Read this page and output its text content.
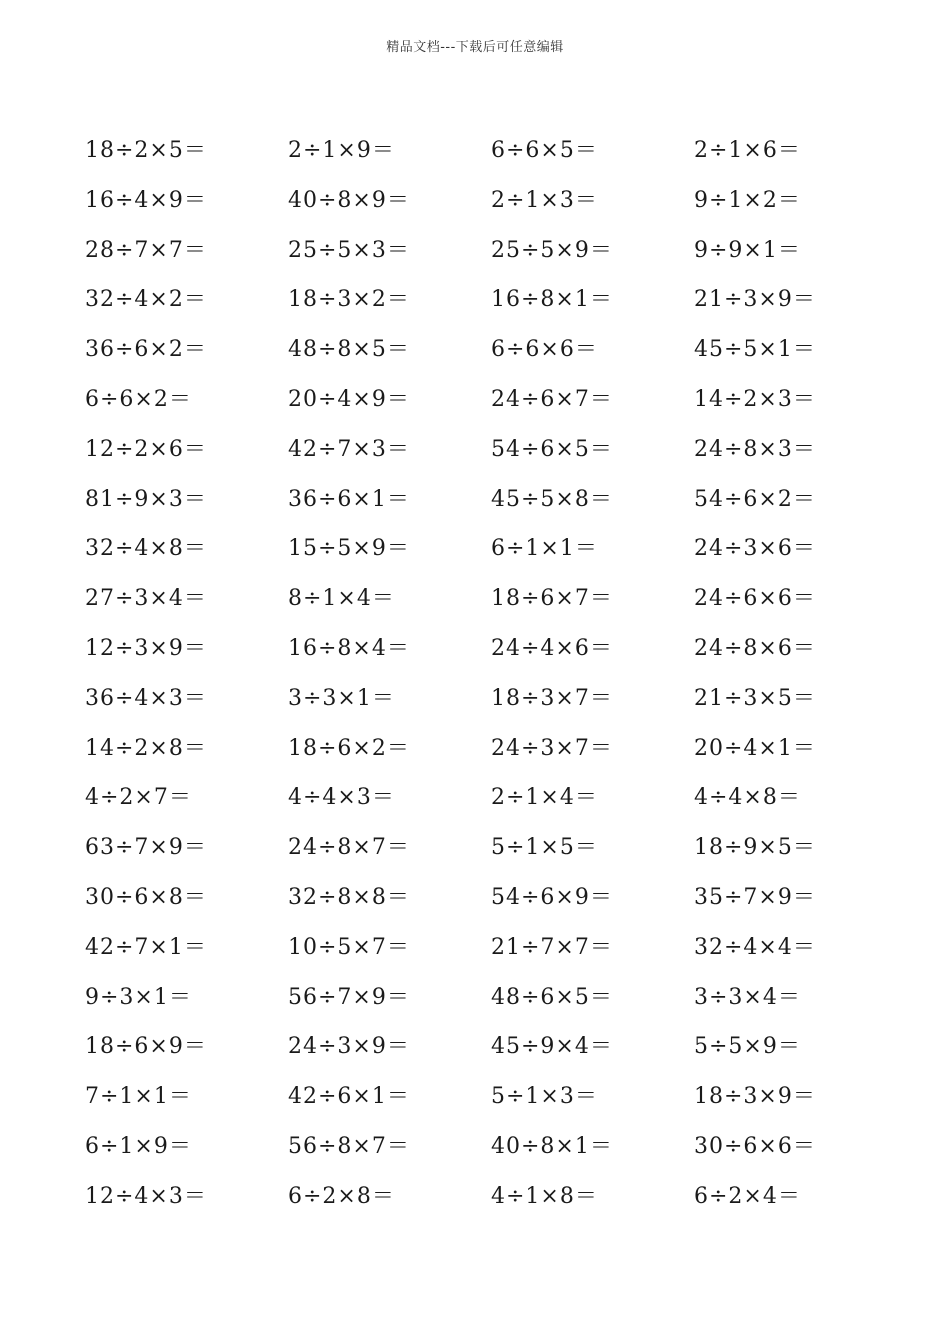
精品文档---下载后可任意编辑
18÷2×5＝	2÷1×9＝	6÷6×5＝	2÷1×6＝
16÷4×9＝	40÷8×9＝	2÷1×3＝	9÷1×2＝
28÷7×7＝	25÷5×3＝	25÷5×9＝	9÷9×1＝
32÷4×2＝	18÷3×2＝	16÷8×1＝	21÷3×9＝
36÷6×2＝	48÷8×5＝	6÷6×6＝	45÷5×1＝
6÷6×2＝	20÷4×9＝	24÷6×7＝	14÷2×3＝
12÷2×6＝	42÷7×3＝	54÷6×5＝	24÷8×3＝
81÷9×3＝	36÷6×1＝	45÷5×8＝	54÷6×2＝
32÷4×8＝	15÷5×9＝	6÷1×1＝	24÷3×6＝
27÷3×4＝	8÷1×4＝	18÷6×7＝	24÷6×6＝
12÷3×9＝	16÷8×4＝	24÷4×6＝	24÷8×6＝
36÷4×3＝	3÷3×1＝	18÷3×7＝	21÷3×5＝
14÷2×8＝	18÷6×2＝	24÷3×7＝	20÷4×1＝
4÷2×7＝	4÷4×3＝	2÷1×4＝	4÷4×8＝
63÷7×9＝	24÷8×7＝	5÷1×5＝	18÷9×5＝
30÷6×8＝	32÷8×8＝	54÷6×9＝	35÷7×9＝
42÷7×1＝	10÷5×7＝	21÷7×7＝	32÷4×4＝
9÷3×1＝	56÷7×9＝	48÷6×5＝	3÷3×4＝
18÷6×9＝	24÷3×9＝	45÷9×4＝	5÷5×9＝
7÷1×1＝	42÷6×1＝	5÷1×3＝	18÷3×9＝
6÷1×9＝	56÷8×7＝	40÷8×1＝	30÷6×6＝
12÷4×3＝	6÷2×8＝	4÷1×8＝	6÷2×4＝
